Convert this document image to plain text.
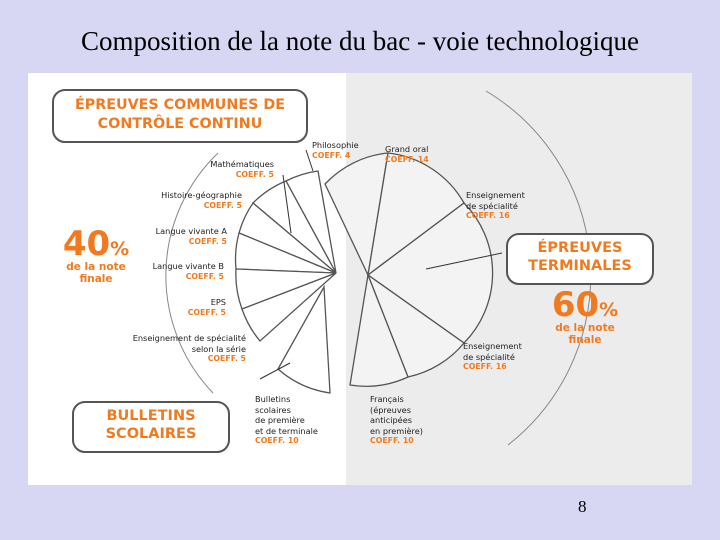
Composition de la note du bac - voie technologique
ÉPREUVES COMMUNES DE CONTRÔLE CONTINU
40%
de la note
finale
ÉPREUVES
TERMINALES
60%
de la note
finale
BULLETINS
SCOLAIRES
Philosophie
COEFF. 4
Grand oral
COEFF. 14
Enseignement
de spécialité
COEFF. 16
Enseignement
de spécialité
COEFF. 16
Français
(épreuves
anticipées
en première)
COEFF. 10
Bulletins
scolaires
de première
et de terminale
COEFF. 10
Enseignement de spécialité
selon la série
COEFF. 5
EPS
COEFF. 5
Langue vivante B
COEFF. 5
Langue vivante A
COEFF. 5
Histoire-géographie
COEFF. 5
Mathématiques
COEFF. 5
8
